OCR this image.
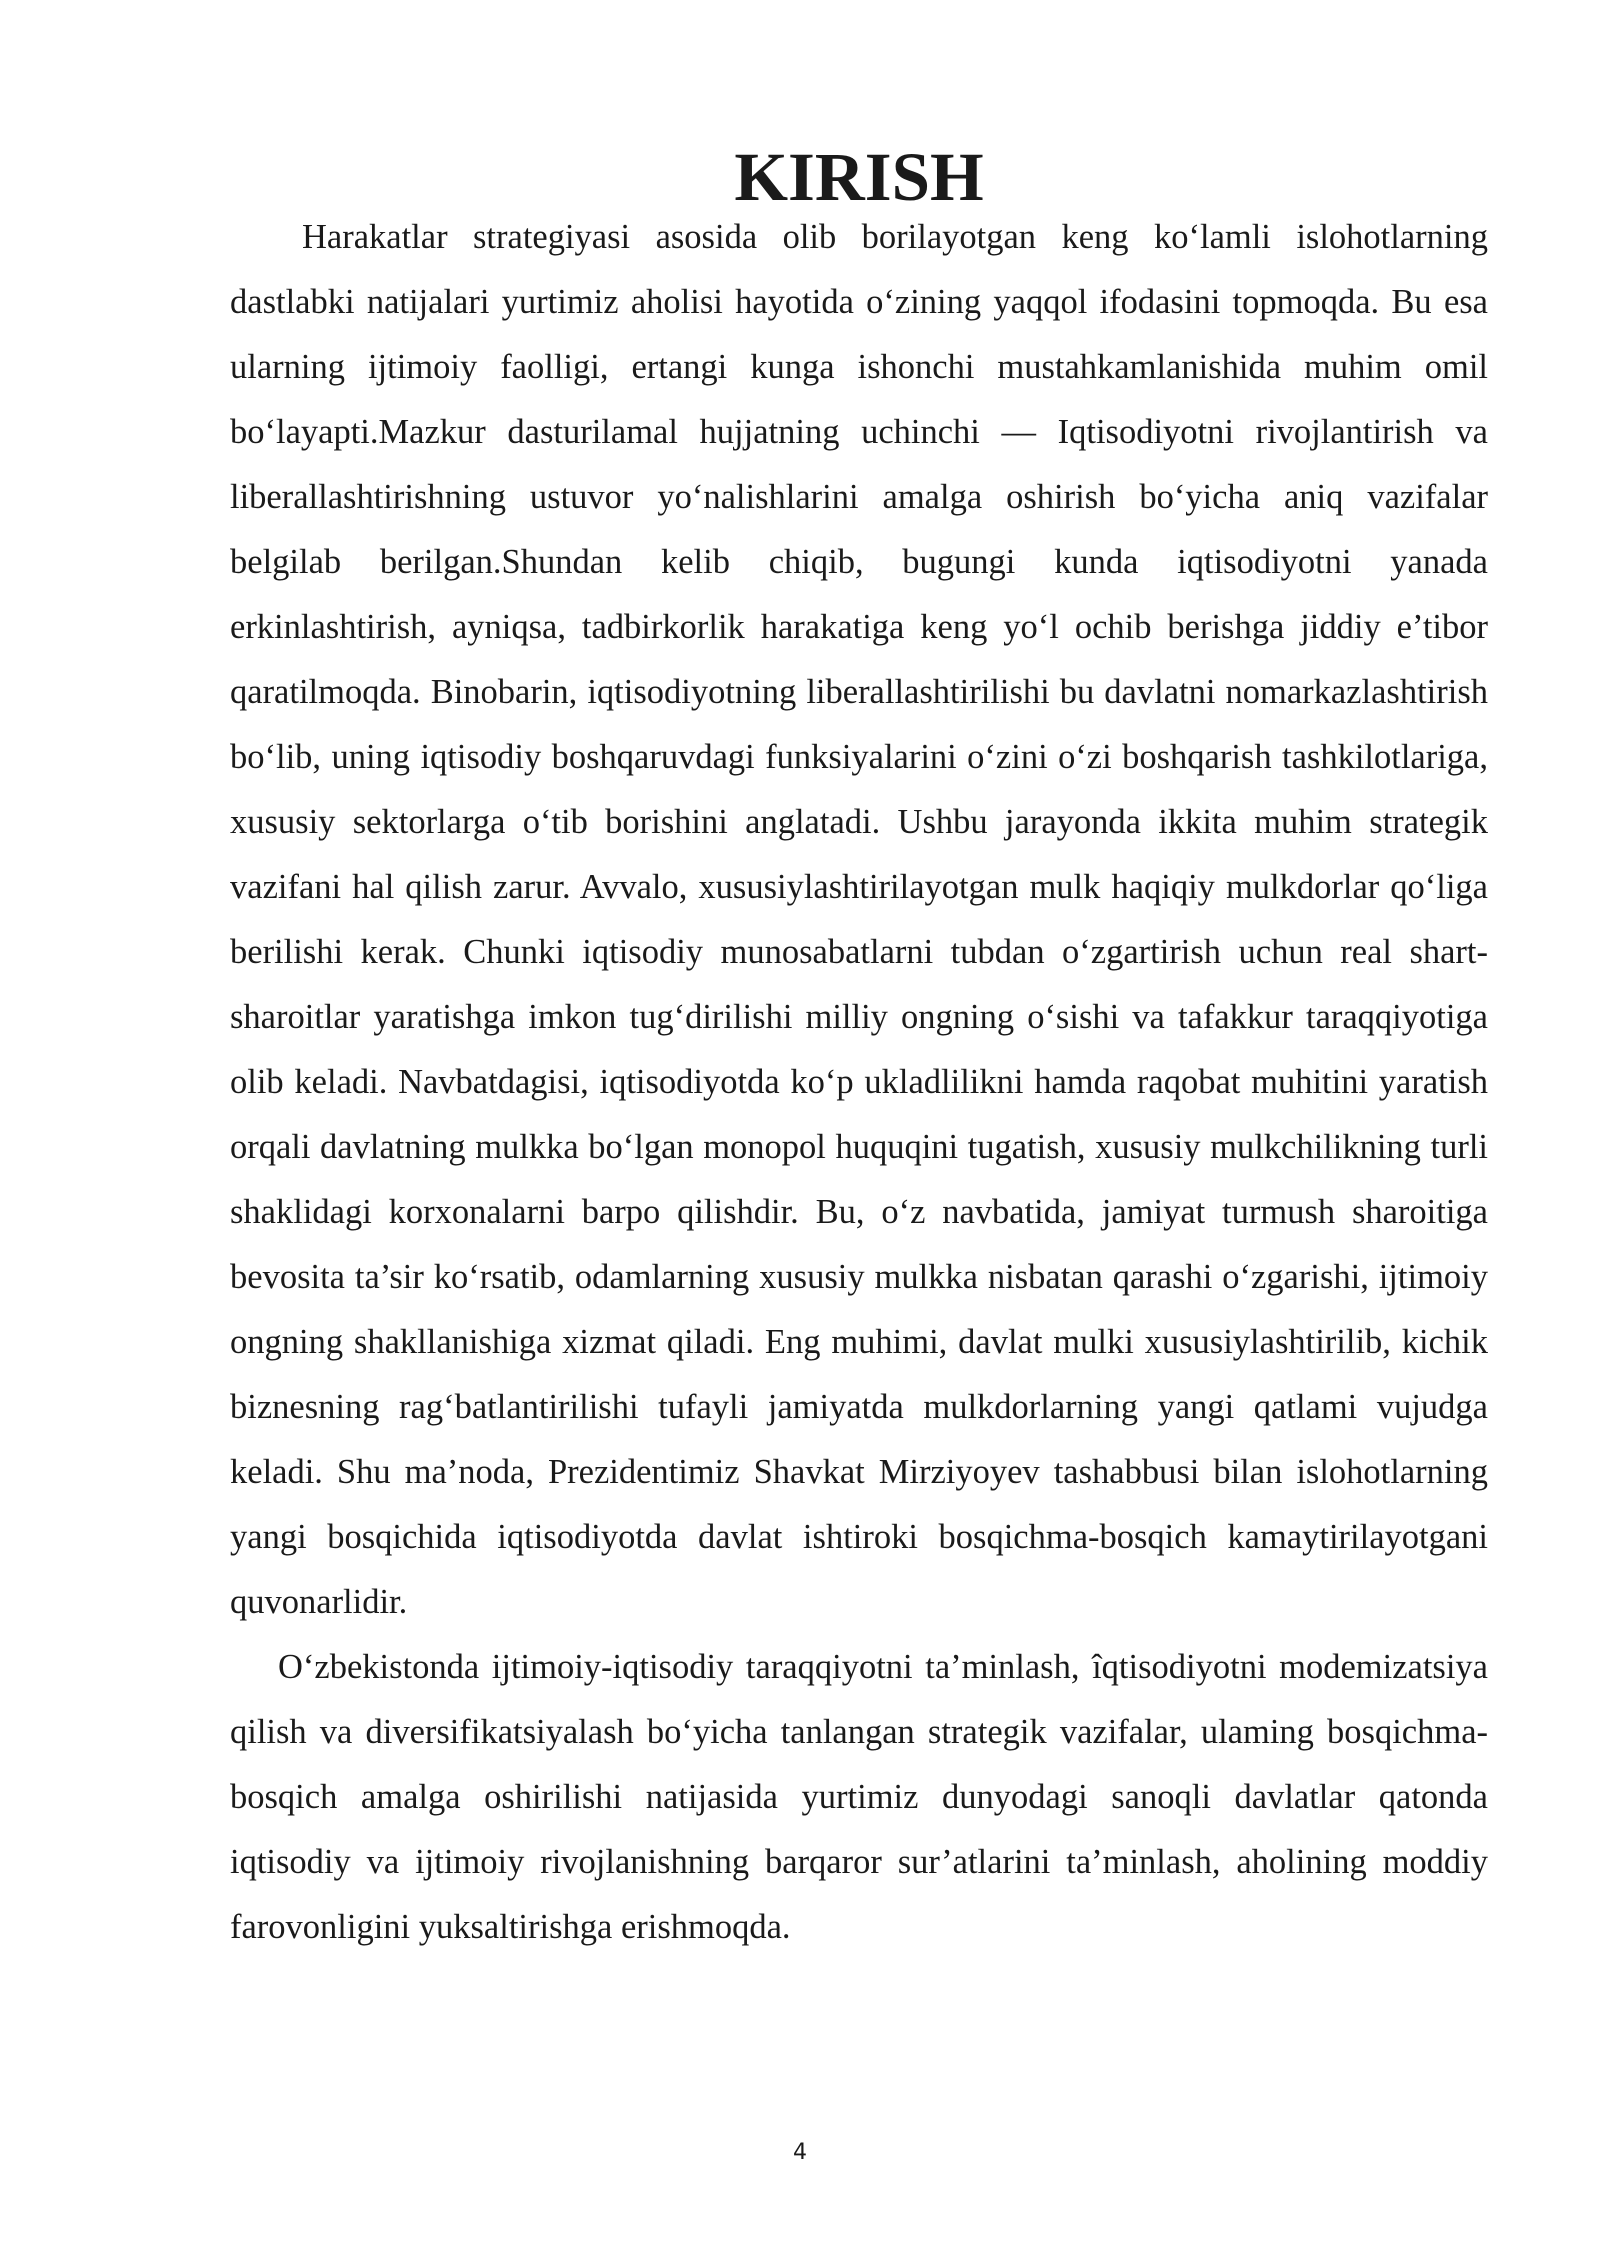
KIRISH

Harakatlar strategiyasi asosida olib borilayotgan keng ko‘lamli islohotlarning dastlabki natijalari yurtimiz aholisi hayotida o‘zining yaqqol ifodasini topmoqda. Bu esa ularning ijtimoiy faolligi, ertangi kunga ishonchi mustahkamlanishida muhim omil bo‘layapti.Mazkur dasturilamal hujjatning uchinchi — Iqtisodiyotni rivojlantirish va liberallashtirishning ustuvor yo‘nalishlarini amalga oshirish bo‘yicha aniq vazifalar belgilab berilgan.Shundan kelib chiqib, bugungi kunda iqtisodiyotni yanada erkinlashtirish, ayniqsa, tadbirkorlik harakatiga keng yo‘l ochib berishga jiddiy e’tibor qaratilmoqda. Binobarin, iqtisodiyotning liberallashtirilishi bu davlatni nomarkazlashtirish bo‘lib, uning iqtisodiy boshqaruvdagi funksiyalarini o‘zini o‘zi boshqarish tashkilotlariga, xususiy sektorlarga o‘tib borishini anglatadi. Ushbu jarayonda ikkita muhim strategik vazifani hal qilish zarur. Avvalo, xususiylashtirilayotgan mulk haqiqiy mulkdorlar qo‘liga berilishi kerak. Chunki iqtisodiy munosabatlarni tubdan o‘zgartirish uchun real shart-sharoitlar yaratishga imkon tug‘dirilishi milliy ongning o‘sishi va tafakkur taraqqiyotiga olib keladi. Navbatdagisi, iqtisodiyotda ko‘p ukladlilikni hamda raqobat muhitini yaratish orqali davlatning mulkka bo‘lgan monopol huquqini tugatish, xususiy mulkchilikning turli shaklidagi korxonalarni barpo qilishdir. Bu, o‘z navbatida, jamiyat turmush sharoitiga bevosita ta’sir ko‘rsatib, odamlarning xususiy mulkka nisbatan qarashi o‘zgarishi, ijtimoiy ongning shakllanishiga xizmat qiladi. Eng muhimi, davlat mulki xususiylashtirilib, kichik biznesning rag‘batlantirilishi tufayli jamiyatda mulkdorlarning yangi qatlami vujudga keladi. Shu ma’noda, Prezidentimiz Shavkat Mirziyoyev tashabbusi bilan islohotlarning yangi bosqichida iqtisodiyotda davlat ishtiroki bosqichma-bosqich kamaytirilayotgani quvonarlidir.

O‘zbekistonda ijtimoiy-iqtisodiy taraqqiyotni ta’minlash, îqtisodiyotni modemizatsiya qilish va diversifikatsiyalash bo‘yicha tanlangan strategik vazifalar, ulaming bosqichma-bosqich amalga oshirilishi natijasida yurtimiz dunyodagi sanoqli davlatlar qatonda iqtisodiy va ijtimoiy rivojlanishning barqaror sur’atlarini ta’minlash, aholining moddiy farovonligini yuksaltirishga erishmoqda.

4
